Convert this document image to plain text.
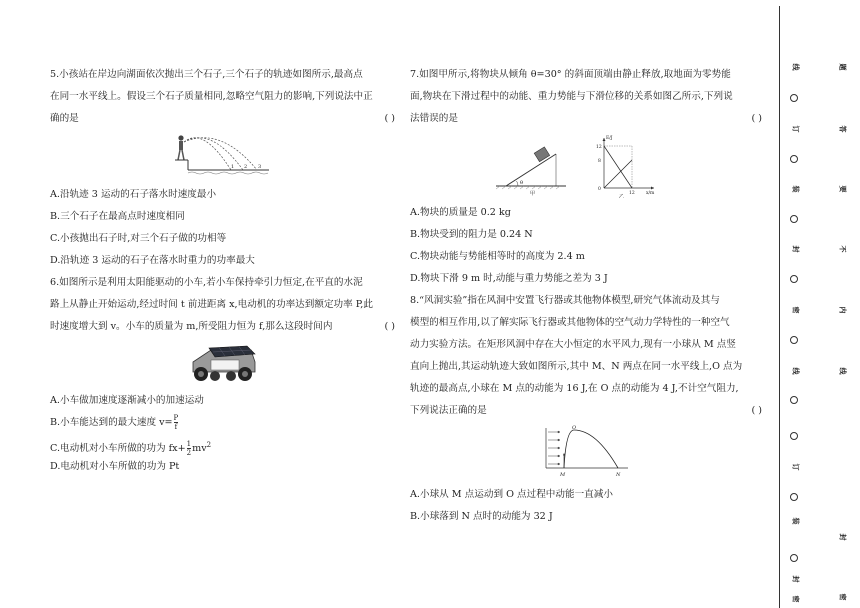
5.小孩站在岸边向湖面依次抛出三个石子,三个石子的轨迹如图所示,最高点
在同一水平线上。假设三个石子质量相同,忽略空气阻力的影响,下列说法中正
确的是	( )
1 2 3
A.沿轨迹 3 运动的石子落水时速度最小
B.三个石子在最高点时速度相同
C.小孩抛出石子时,对三个石子做的功相等
D.沿轨迹 3 运动的石子在落水时重力的功率最大
6.如图所示是利用太阳能驱动的小车,若小车保持牵引力恒定,在平直的水泥
路上从静止开始运动,经过时间 t 前进距离 x,电动机的功率达到额定功率 P,此
时速度增大到 v。小车的质量为 m,所受阻力恒为 f,那么这段时间内	( )
A.小车做加速度逐渐减小的加速运动
B.小车能达到的最大速度 $v= \frac{P}{f}$
C.电动机对小车所做的功为 $fx+ \frac{1}{2} mv^2$
D.电动机对小车所做的功为 Pt
7.如图甲所示,将物块从倾角 θ=30° 的斜面顶端由静止释放,取地面为零势能
面,物块在下滑过程中的动能、重力势能与下滑位移的关系如图乙所示,下列说
法错误的是	( )
θ
甲
E/J
x/m
12
8
0
12
乙
A.物块的质量是 0.2 kg
B.物块受到的阻力是 0.24 N
C.物块动能与势能相等时的高度为 2.4 m
D.物块下滑 9 m 时,动能与重力势能之差为 3 J
8.“风洞实验”指在风洞中安置飞行器或其他物体模型,研究气体流动及其与
模型的相互作用,以了解实际飞行器或其他物体的空气动力学特性的一种空气
动力实验方法。在矩形风洞中存在大小恒定的水平风力,现有一小球从 M 点竖
直向上抛出,其运动轨迹大致如图所示,其中 M、N 两点在同一水平线上,O 点为
轨迹的最高点,小球在 M 点的动能为 16 J,在 O 点的动能为 4 J,不计空气阻力,
下列说法正确的是	( )
O
M	N
A.小球从 M 点运动到 O 点过程中动能一直减小
B.小球落到 N 点时的动能为 32 J
线
订
装
封
密
线
订
装
封
密
题
答
要
不
内
线
封
密
